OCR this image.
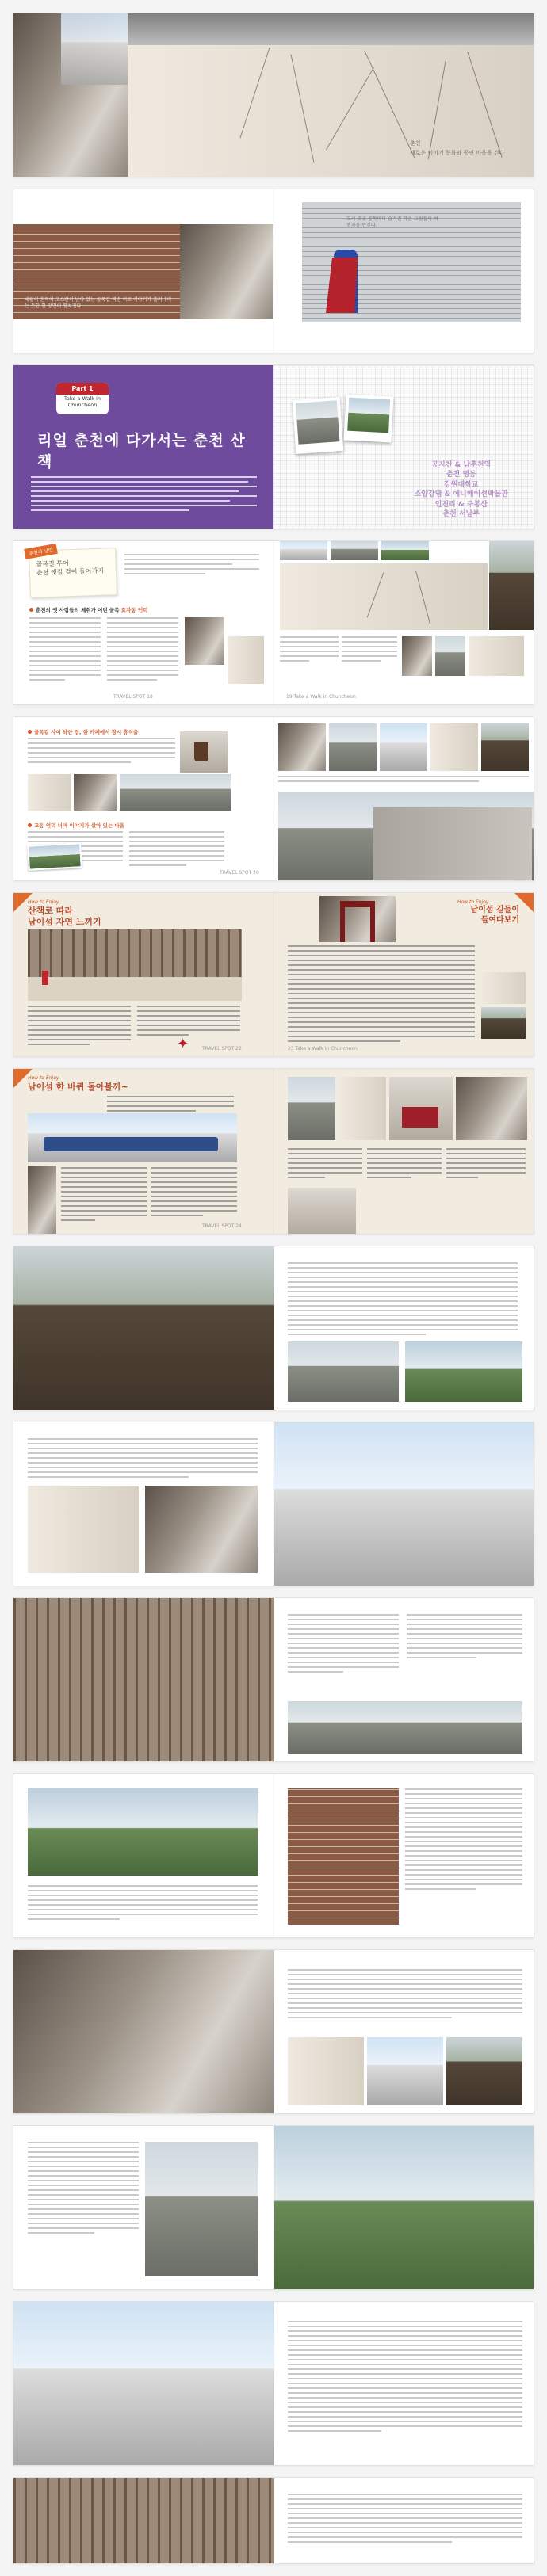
춘천
새로운 이야기 문화와 공연 마을을 걷다
세월의 흔적이 고스란히 남아 있는 골목길 벽면 위로 이야기가 흘러내리는 듯한 한 장면이 펼쳐진다.
도시 곳곳 골목마다 숨겨진 작은 그림들이 여행자를 반긴다.
Part 1
Take a Walk in Chuncheon
리얼 춘천에 다가서는 춘천 산책	공지천 & 남춘천역
춘천 명동
강원대학교
소양강댐 & 애니메이션박물관
인천리 & 구봉산
춘천 서남부
춘천의 낭만
골목길 투어
춘천 옛길 걸어 들어가기
춘천의 옛 사람들의 체취가 어린 골목 효자동 언덕
TRAVEL SPOT 18	19 Take a Walk in Chuncheon
골목길 사이 하얀 집, 한 카페에서 잠시 휴식을
교동 언덕 너머 이야기가 살아 있는 마을
TRAVEL SPOT 20
How to Enjoy
산책로 따라
남이섬 자연 느끼기
✦	TRAVEL SPOT 22
How to Enjoy
남이섬 길들이
들여다보기
23 Take a Walk in Chuncheon
How to Enjoy
남이섬 한 바퀴 돌아볼까~
TRAVEL SPOT 24
